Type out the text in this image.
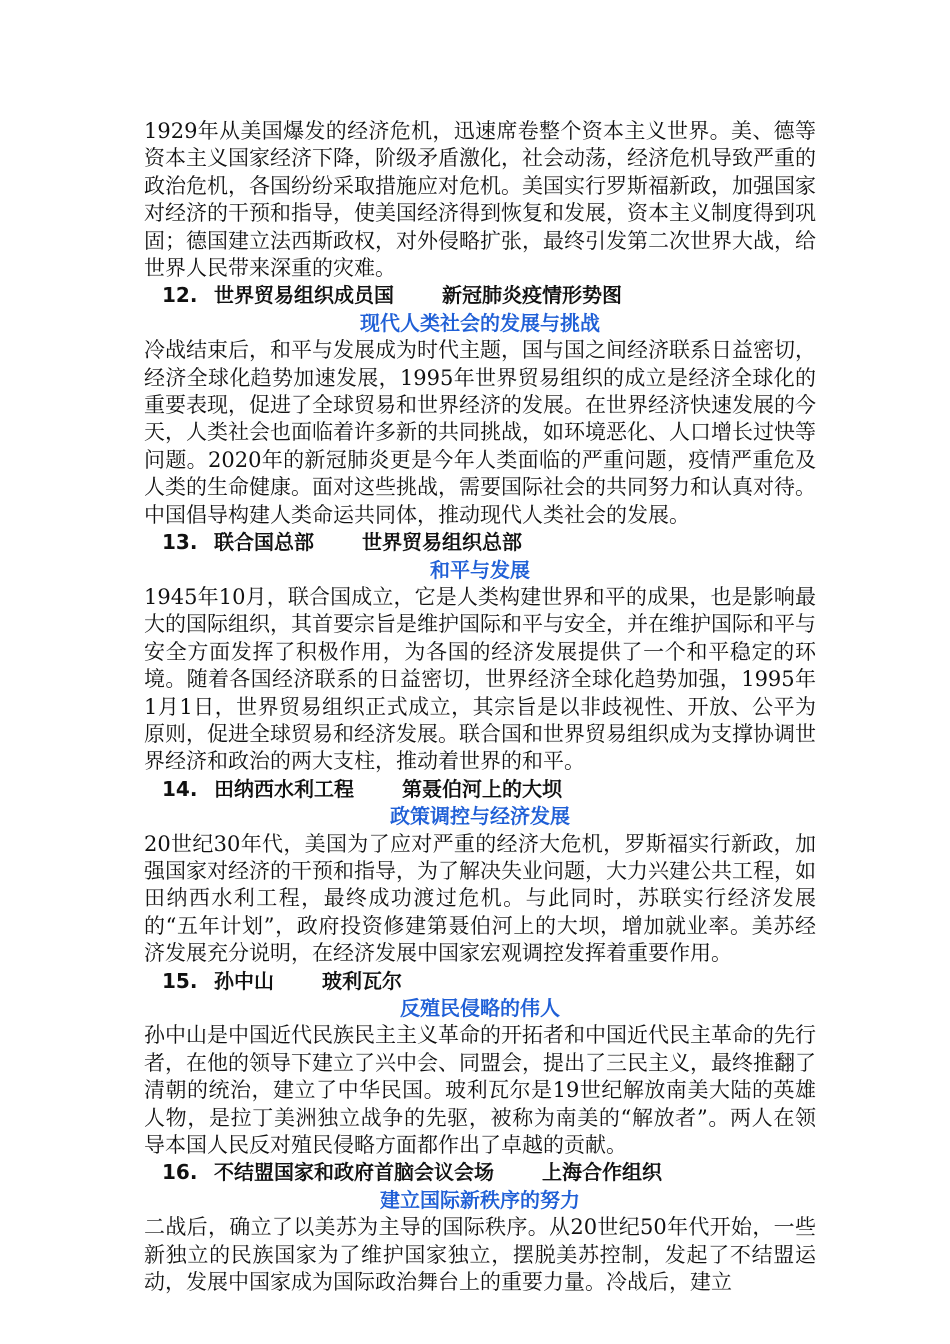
1929年从美国爆发的经济危机，迅速席卷整个资本主义世界。美、德等资本主义国家经济下降，阶级矛盾激化，社会动荡，经济危机导致严重的政治危机，各国纷纷采取措施应对危机。美国实行罗斯福新政，加强国家对经济的干预和指导，使美国经济得到恢复和发展，资本主义制度得到巩固；德国建立法西斯政权，对外侵略扩张，最终引发第二次世界大战，给世界人民带来深重的灾难。

12. 世界贸易组织成员国 新冠肺炎疫情形势图
现代人类社会的发展与挑战

冷战结束后，和平与发展成为时代主题，国与国之间经济联系日益密切，经济全球化趋势加速发展，1995年世界贸易组织的成立是经济全球化的重要表现，促进了全球贸易和世界经济的发展。在世界经济快速发展的今天，人类社会也面临着许多新的共同挑战，如环境恶化、人口增长过快等问题。2020年的新冠肺炎更是今年人类面临的严重问题，疫情严重危及人类的生命健康。面对这些挑战，需要国际社会的共同努力和认真对待。中国倡导构建人类命运共同体，推动现代人类社会的发展。

13. 联合国总部 世界贸易组织总部
和平与发展

1945年10月，联合国成立，它是人类构建世界和平的成果，也是影响最大的国际组织，其首要宗旨是维护国际和平与安全，并在维护国际和平与安全方面发挥了积极作用，为各国的经济发展提供了一个和平稳定的环境。随着各国经济联系的日益密切，世界经济全球化趋势加强，1995年1月1日，世界贸易组织正式成立，其宗旨是以非歧视性、开放、公平为原则，促进全球贸易和经济发展。联合国和世界贸易组织成为支撑协调世界经济和政治的两大支柱，推动着世界的和平。

14. 田纳西水利工程 第聂伯河上的大坝
政策调控与经济发展

20世纪30年代，美国为了应对严重的经济大危机，罗斯福实行新政，加强国家对经济的干预和指导，为了解决失业问题，大力兴建公共工程，如田纳西水利工程，最终成功渡过危机。与此同时，苏联实行经济发展的“五年计划”，政府投资修建第聂伯河上的大坝，增加就业率。美苏经济发展充分说明，在经济发展中国家宏观调控发挥着重要作用。

15. 孙中山 玻利瓦尔
反殖民侵略的伟人

孙中山是中国近代民族民主主义革命的开拓者和中国近代民主革命的先行者，在他的领导下建立了兴中会、同盟会，提出了三民主义，最终推翻了清朝的统治，建立了中华民国。玻利瓦尔是19世纪解放南美大陆的英雄人物，是拉丁美洲独立战争的先驱，被称为南美的“解放者”。两人在领导本国人民反对殖民侵略方面都作出了卓越的贡献。

16. 不结盟国家和政府首脑会议会场 上海合作组织
建立国际新秩序的努力

二战后，确立了以美苏为主导的国际秩序。从20世纪50年代开始，一些新独立的民族国家为了维护国家独立，摆脱美苏控制，发起了不结盟运动，发展中国家成为国际政治舞台上的重要力量。冷战后，建立
